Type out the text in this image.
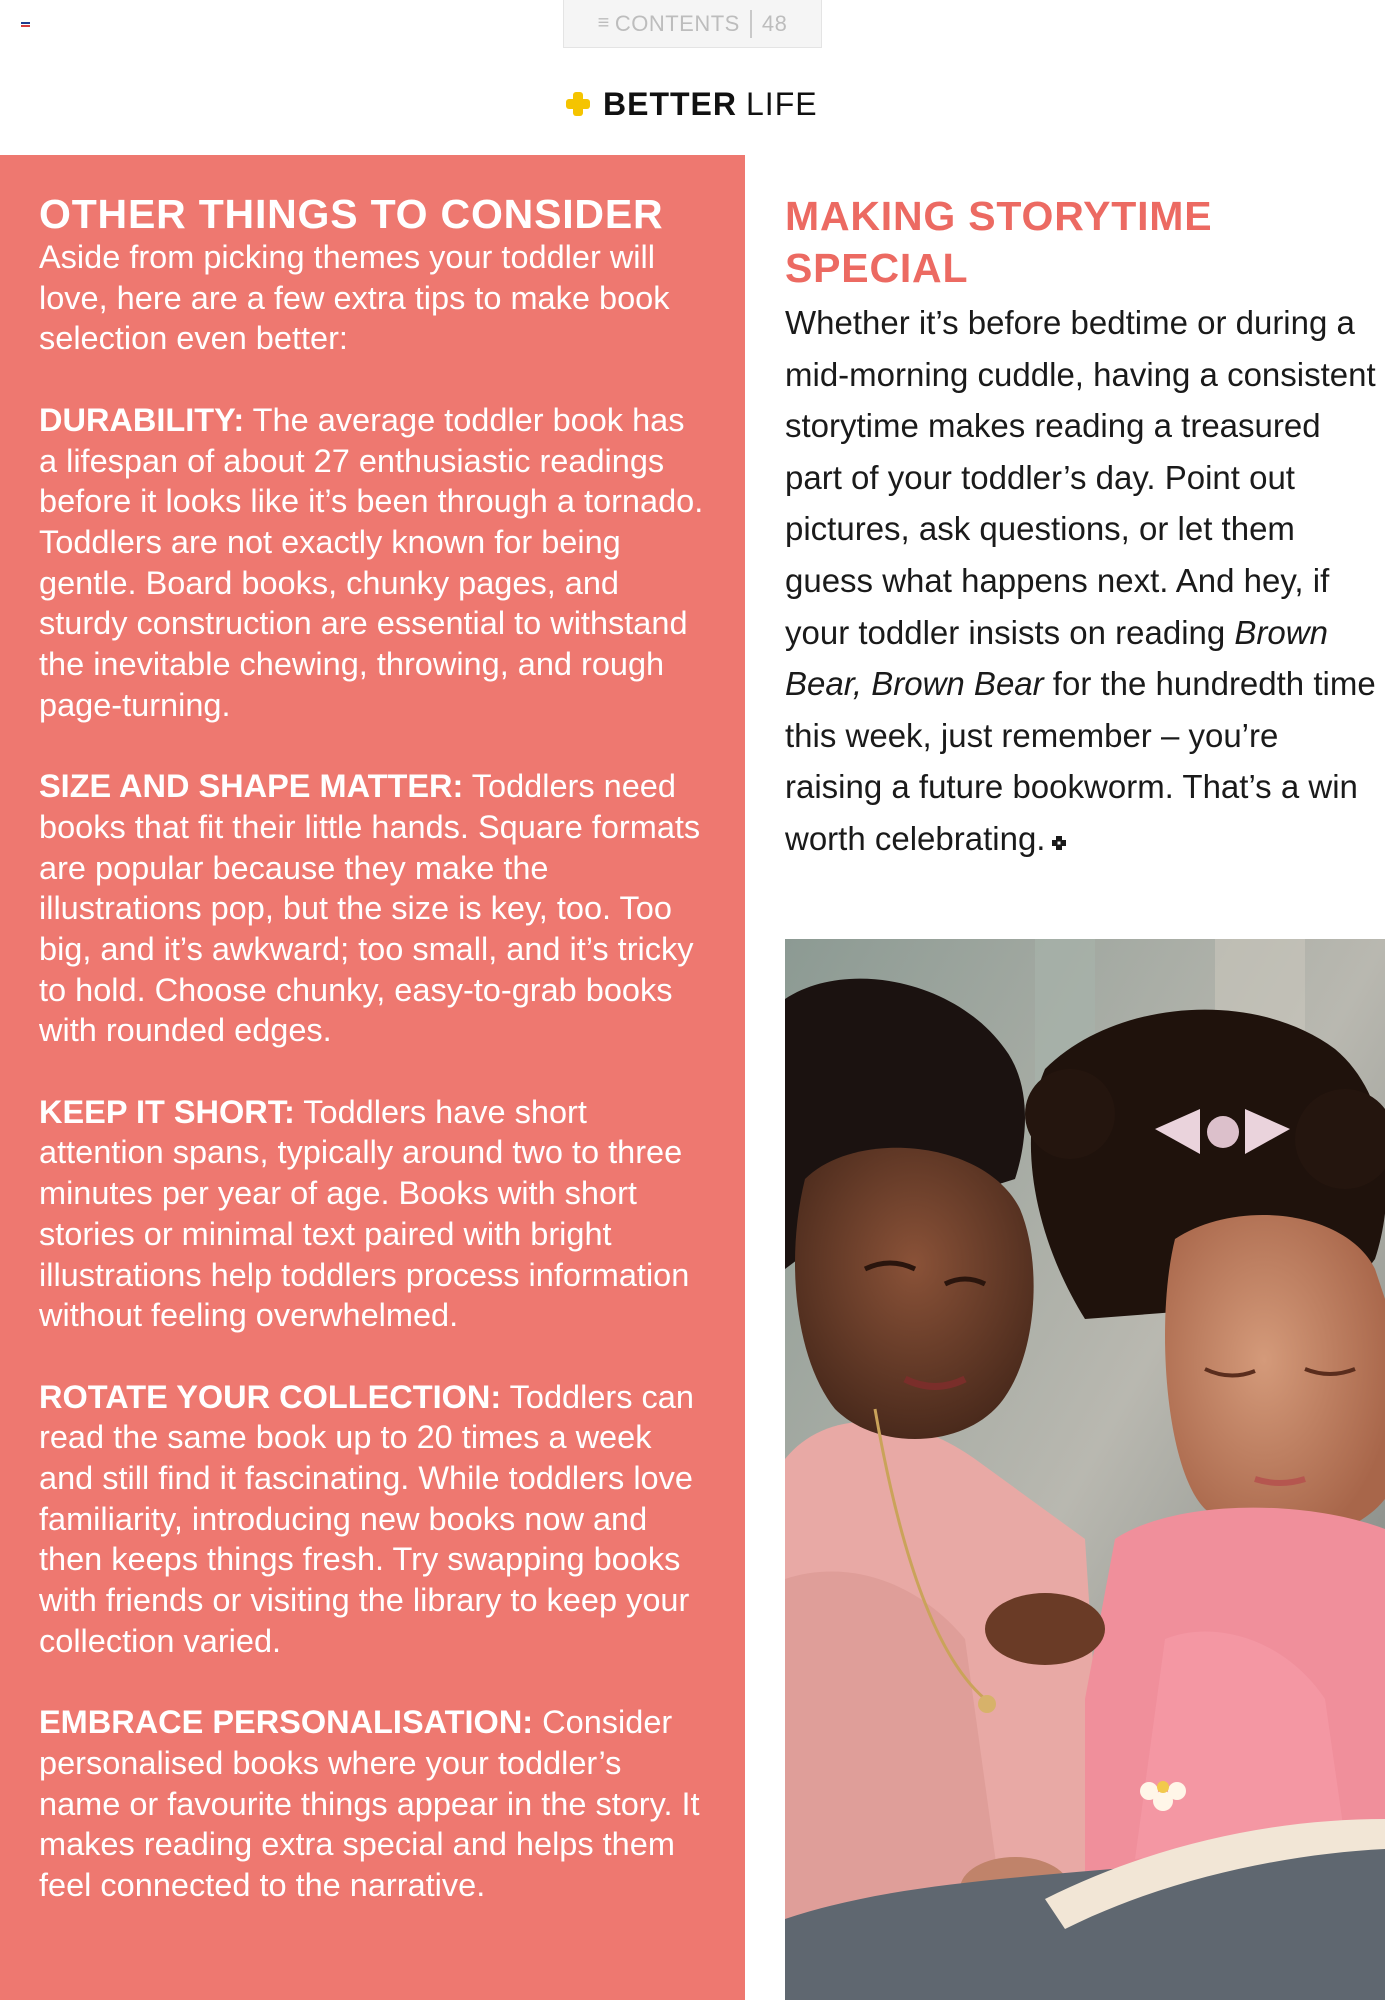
≡ CONTENTS 48
BETTER LIFE
OTHER THINGS TO CONSIDER

Aside from picking themes your toddler will love, here are a few extra tips to make book selection even better:

DURABILITY: The average toddler book has a lifespan of about 27 enthusiastic readings before it looks like it’s been through a tornado. Toddlers are not exactly known for being gentle. Board books, chunky pages, and sturdy construction are essential to withstand the inevitable chewing, throwing, and rough page-turning.

SIZE AND SHAPE MATTER: Toddlers need books that fit their little hands. Square formats are popular because they make the illustrations pop, but the size is key, too. Too big, and it’s awkward; too small, and it’s tricky to hold. Choose chunky, easy-to-grab books with rounded edges.

KEEP IT SHORT: Toddlers have short attention spans, typically around two to three minutes per year of age. Books with short stories or minimal text paired with bright illustrations help toddlers process information without feeling overwhelmed.

ROTATE YOUR COLLECTION: Toddlers can read the same book up to 20 times a week and still find it fascinating. While toddlers love familiarity, introducing new books now and then keeps things fresh. Try swapping books with friends or visiting the library to keep your collection varied.

EMBRACE PERSONALISATION: Consider personalised books where your toddler’s name or favourite things appear in the story. It makes reading extra special and helps them feel connected to the narrative.

MAKING STORYTIME
SPECIAL

Whether it’s before bedtime or during a mid-morning cuddle, having a consistent storytime makes reading a treasured part of your toddler’s day. Point out pictures, ask questions, or let them guess what happens next. And hey, if your toddler insists on reading Brown Bear, Brown Bear for the hundredth time this week, just remember – you’re raising a future bookworm. That’s a win worth celebrating.
